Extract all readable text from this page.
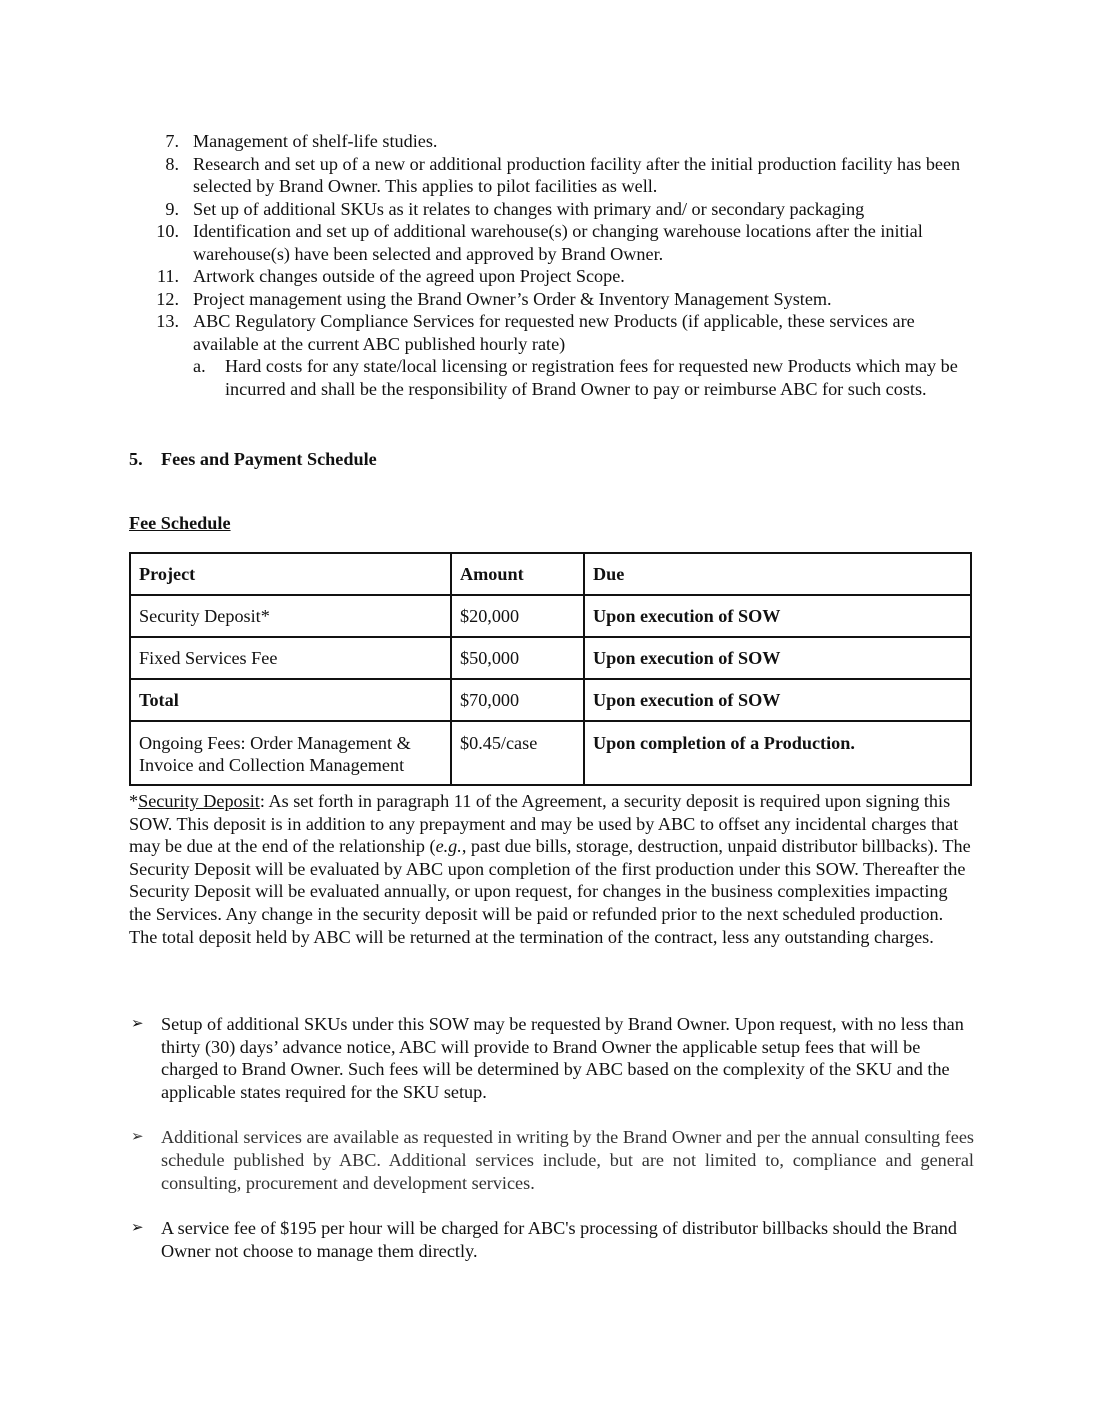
7. Management of shelf-life studies.
8. Research and set up of a new or additional production facility after the initial production facility has been selected by Brand Owner. This applies to pilot facilities as well.
9. Set up of additional SKUs as it relates to changes with primary and/ or secondary packaging
10. Identification and set up of additional warehouse(s) or changing warehouse locations after the initial warehouse(s) have been selected and approved by Brand Owner.
11. Artwork changes outside of the agreed upon Project Scope.
12. Project management using the Brand Owner’s Order & Inventory Management System.
13. ABC Regulatory Compliance Services for requested new Products (if applicable, these services are available at the current ABC published hourly rate)
a. Hard costs for any state/local licensing or registration fees for requested new Products which may be incurred and shall be the responsibility of Brand Owner to pay or reimburse ABC for such costs.
5. Fees and Payment Schedule
Fee Schedule
Project	Amount	Due
Security Deposit*	$20,000	Upon execution of SOW
Fixed Services Fee	$50,000	Upon execution of SOW
Total	$70,000	Upon execution of SOW
Ongoing Fees: Order Management & Invoice and Collection Management	$0.45/case	Upon completion of a Production.
*Security Deposit: As set forth in paragraph 11 of the Agreement, a security deposit is required upon signing this SOW. This deposit is in addition to any prepayment and may be used by ABC to offset any incidental charges that may be due at the end of the relationship (e.g., past due bills, storage, destruction, unpaid distributor billbacks). The Security Deposit will be evaluated by ABC upon completion of the first production under this SOW. Thereafter the Security Deposit will be evaluated annually, or upon request, for changes in the business complexities impacting the Services. Any change in the security deposit will be paid or refunded prior to the next scheduled production. The total deposit held by ABC will be returned at the termination of the contract, less any outstanding charges.
➢ Setup of additional SKUs under this SOW may be requested by Brand Owner. Upon request, with no less than thirty (30) days’ advance notice, ABC will provide to Brand Owner the applicable setup fees that will be charged to Brand Owner. Such fees will be determined by ABC based on the complexity of the SKU and the applicable states required for the SKU setup.
➢ Additional services are available as requested in writing by the Brand Owner and per the annual consulting fees schedule published by ABC. Additional services include, but are not limited to, compliance and general consulting, procurement and development services.
➢ A service fee of $195 per hour will be charged for ABC's processing of distributor billbacks should the Brand Owner not choose to manage them directly.
